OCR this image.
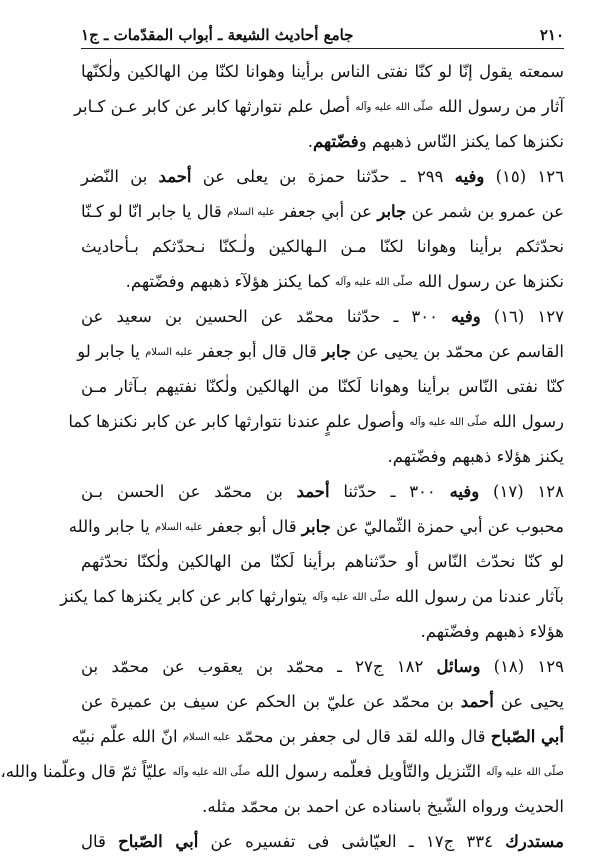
٢١٠
جامع أحاديث الشيعة ـ أبواب المقدّمات ـ ج١
سمعته يقول إنّا لو كنّا نفتى الناس برأينا وهوانا لكنّا مِن الهالكين ولٰكنّها
آثار من رسول الله صلّى الله عليه وآله أصل علم نتوارثها كابر عن كابر عـن كـابر
نكنزها كما يكنز النّاس ذهبهم وفضّتهم.
١٢٦ (١٥) وفيه ٢٩٩ ـ حدّثنا حمزة بن يعلى عن أحمد بن النّضر
عن عمرو بن شمر عن جابر عن أبي جعفر عليه السلام قال يا جابر انّا لو كـنّا
نحدّثكم برأينا وهوانا لكنّا مـن الـهالكين ولٰـكنّا نـحدّثكم بـأحاديث
نكنزها عن رسول الله صلّى الله عليه وآله كما يكنز هؤلآء ذهبهم وفضّتهم.
١٢٧ (١٦) وفيه ٣٠٠ ـ حدّثنا محمّد عن الحسين بن سعيد عن
القاسم عن محمّد بن يحيى عن جابر قال قال أبو جعفر عليه السلام يا جابر لو
كنّا نفتى النّاس برأينا وهوانا لَكنّا من الهالكين ولٰكنّا نفتيهم بـآثار مـن
رسول الله صلّى الله عليه وآله وأصول علمٍ عندنا نتوارثها كابر عن كابر نكنزها كما
يكنز هؤلاء ذهبهم وفضّتهم.
١٢٨ (١٧) وفيه ٣٠٠ ـ حدّثنا أحمد بن محمّد عن الحسن بـن
محبوب عن أبي حمزة الثّماليّ عن جابر قال أبو جعفر عليه السلام يا جابر والله
لو كنّا نحدّث النّاس أو حدّثناهم برأينا لَكنّا من الهالكين ولٰكنّا نحدّثهم
بآثار عندنا من رسول الله صلّى الله عليه وآله يتوارثها كابر عن كابر يكنزها كما يكنز
هؤلاء ذهبهم وفضّتهم.
١٢٩ (١٨) وسائل ١٨٢ ج٢٧ ـ محمّد بن يعقوب عن محمّد بن
يحيى عن أحمد بن محمّد عن عليّ بن الحكم عن سيف بن عميرة عن
أبي الصّباح قال والله لقد قال لى جعفر بن محمّد عليه السلام انّ الله علّم نبيّه
صلّى الله عليه وآله التّنزيل والتّأويل فعلّمه رسول الله صلّى الله عليه وآله عليّاً ثمّ قال وعلّمنا والله،
الحديث ورواه الشّيخ باسناده عن احمد بن محمّد مثله.
مستدرك ٣٣٤ ج١٧ ـ العيّاشى فى تفسيره عن أبي الصّباح قال
